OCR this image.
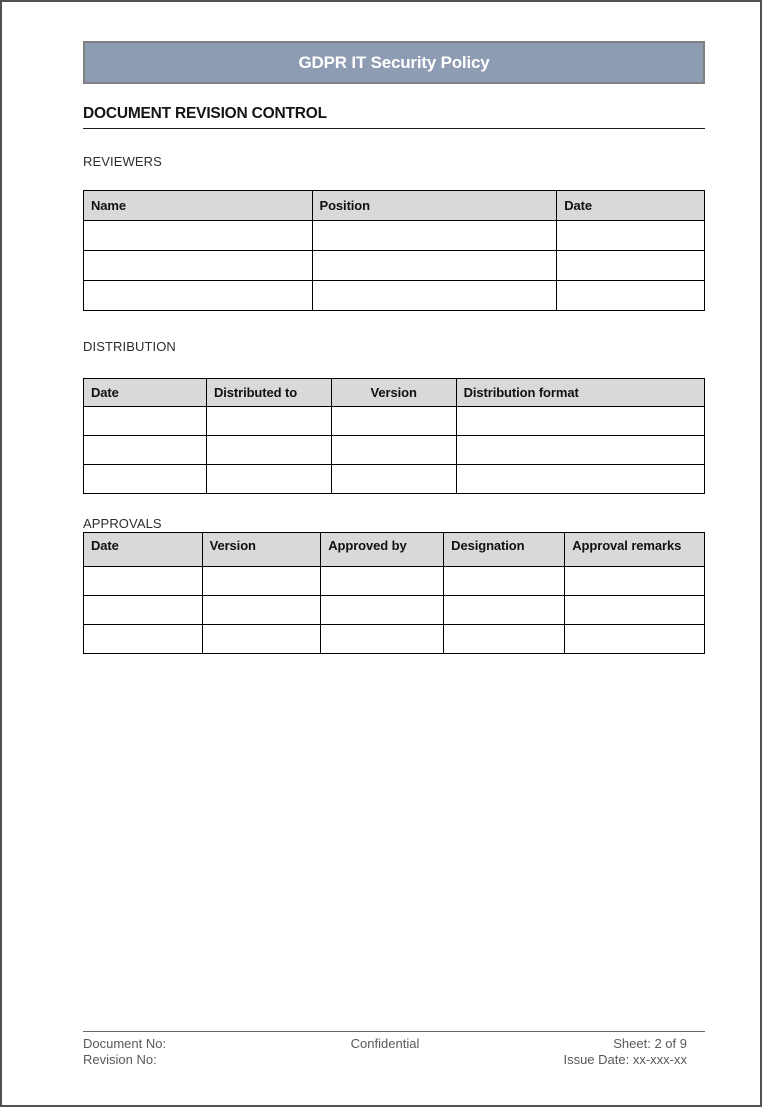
GDPR IT Security Policy
DOCUMENT REVISION CONTROL
REVIEWERS
Name	Position	Date

DISTRIBUTION
Date	Distributed to	Version	Distribution format

APPROVALS
Date	Version	Approved by	Designation	Approval remarks

Document No:	Confidential	Sheet: 2 of 9
Revision No:	Issue Date: xx-xxx-xx
